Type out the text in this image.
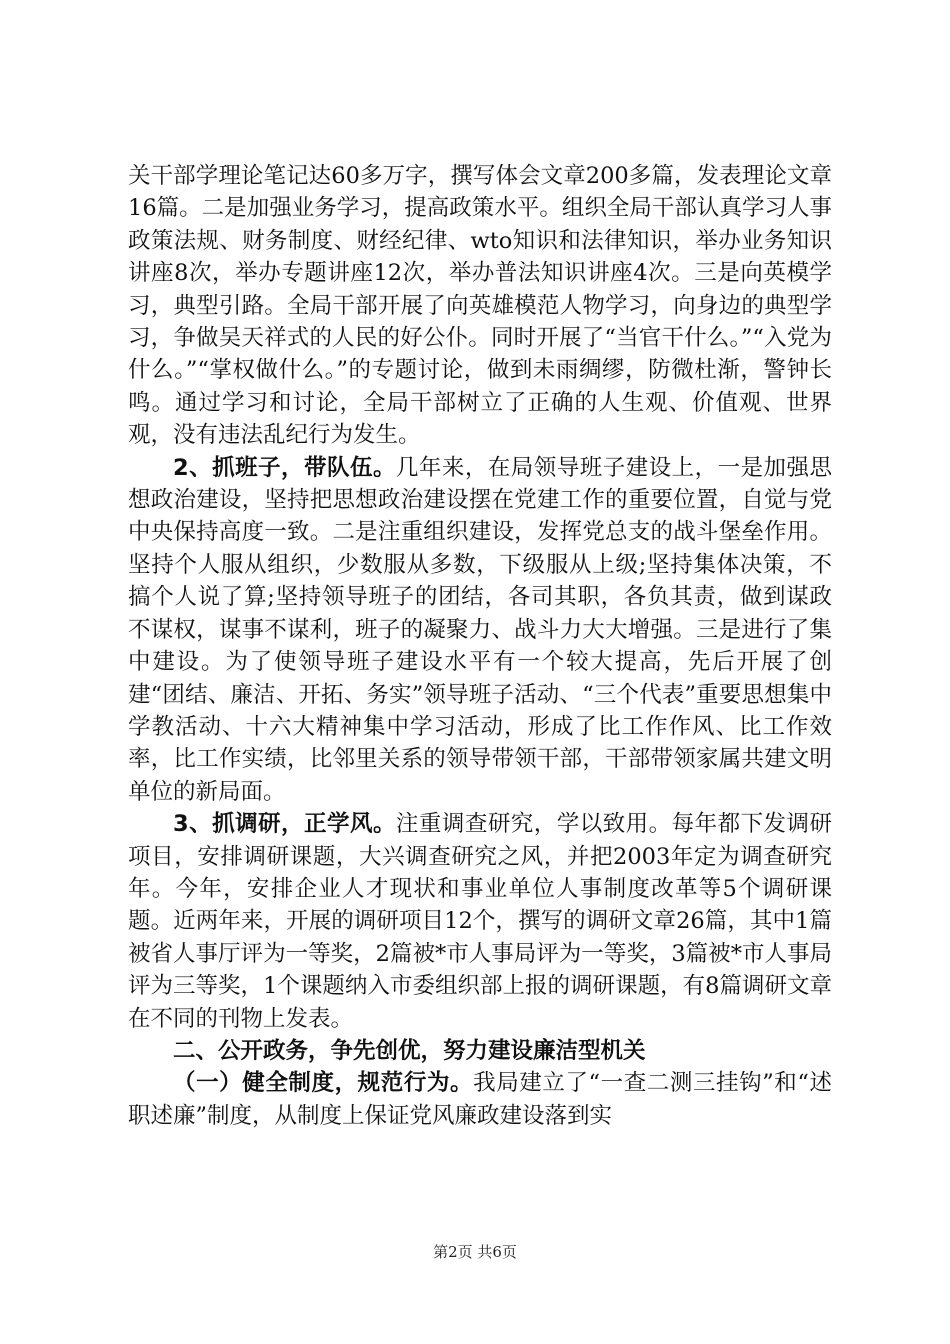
关干部学理论笔记达60多万字，撰写体会文章200多篇，发表理论文章16篇。二是加强业务学习，提高政策水平。组织全局干部认真学习人事政策法规、财务制度、财经纪律、wto知识和法律知识，举办业务知识讲座8次，举办专题讲座12次，举办普法知识讲座4次。三是向英模学习，典型引路。全局干部开展了向英雄模范人物学习，向身边的典型学习，争做吴天祥式的人民的好公仆。同时开展了“当官干什么。”“入党为什么。”“掌权做什么。”的专题讨论，做到未雨绸缪，防微杜渐，警钟长鸣。通过学习和讨论，全局干部树立了正确的人生观、价值观、世界观，没有违法乱纪行为发生。

2、抓班子，带队伍。几年来，在局领导班子建设上，一是加强思想政治建设，坚持把思想政治建设摆在党建工作的重要位置，自觉与党中央保持高度一致。二是注重组织建设，发挥党总支的战斗堡垒作用。坚持个人服从组织，少数服从多数，下级服从上级;坚持集体决策，不搞个人说了算;坚持领导班子的团结，各司其职，各负其责，做到谋政不谋权，谋事不谋利，班子的凝聚力、战斗力大大增强。三是进行了集中建设。为了使领导班子建设水平有一个较大提高，先后开展了创建“团结、廉洁、开拓、务实”领导班子活动、“三个代表”重要思想集中学教活动、十六大精神集中学习活动，形成了比工作作风、比工作效率，比工作实绩，比邻里关系的领导带领干部，干部带领家属共建文明单位的新局面。

3、抓调研，正学风。注重调查研究，学以致用。每年都下发调研项目，安排调研课题，大兴调查研究之风，并把2003年定为调查研究年。今年，安排企业人才现状和事业单位人事制度改革等5个调研课题。近两年来，开展的调研项目12个，撰写的调研文章26篇，其中1篇被省人事厅评为一等奖，2篇被*市人事局评为一等奖，3篇被*市人事局评为三等奖，1个课题纳入市委组织部上报的调研课题，有8篇调研文章在不同的刊物上发表。

二、公开政务，争先创优，努力建设廉洁型机关

（一）健全制度，规范行为。我局建立了“一查二测三挂钩”和“述职述廉”制度，从制度上保证党风廉政建设落到实

第2页 共6页
